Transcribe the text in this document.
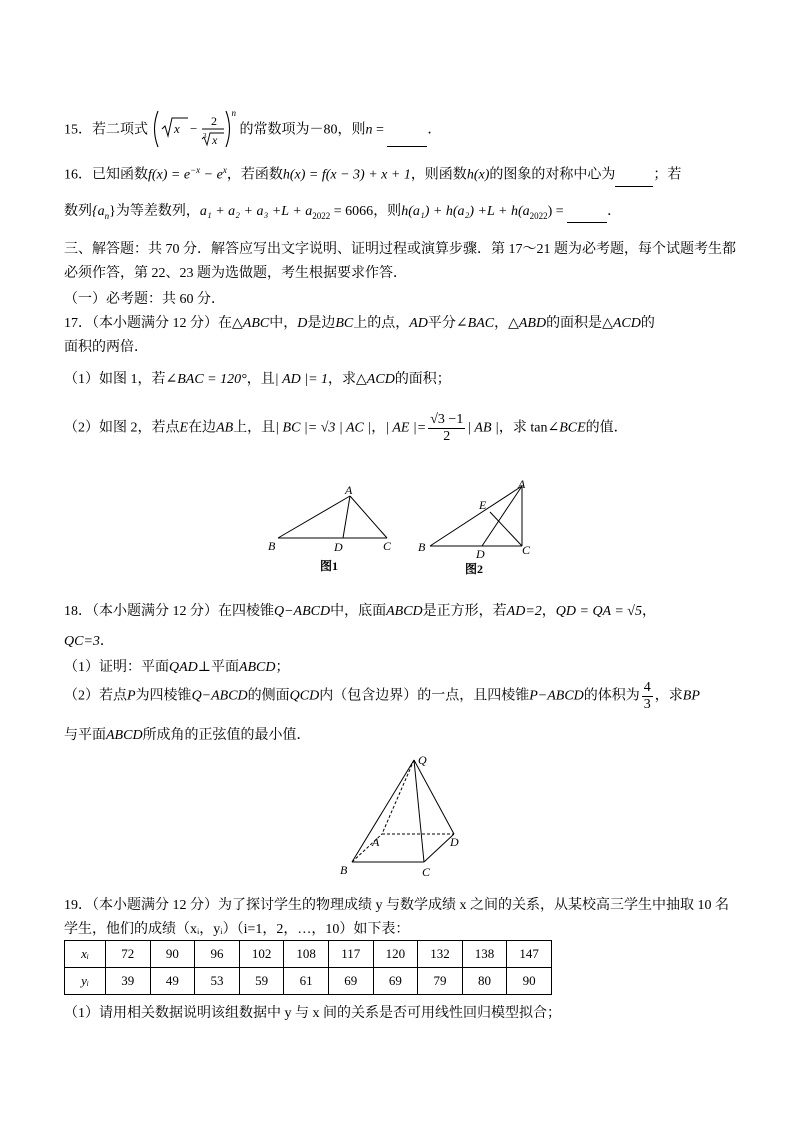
15．若二项式 x − 2
3 x
$^n$ 的常数项为－80，则n =	．
16．已知函数$f(x) = e^{-x} - e^x$，若函数h(x) = f(x − 3) + x + 1，则函数h(x)的图象的对称中心为	；若
数列$\{a_n\}$为等差数列，$a_1 + a_2 + a_3 +L + a_{2022} = 6066$，则$h(a_1) + h(a_2) +L + h(a_{2022})$ =	．
三、解答题：共 70 分．解答应写出文字说明、证明过程或演算步骤．第 17～21 题为必考题，每个试题考生都
必须作答，第 22、23 题为选做题，考生根据要求作答．
（一）必考题：共 60 分．
17．（本小题满分 12 分）在△ABC中，D是边BC上的点，AD平分∠BAC，△ABD的面积是△ACD的
面积的两倍．
（1）如图 1，若∠BAC = 120°，且| AD |= 1，求△ACD的面积；
（2）如图 2，若点E在边AB上，且| BC |= √3 | AC |，| AE |= $\frac{√3 -1}{2}$ | AB |，求 tan∠BCE的值．
A
B	C
D
图1
A
E
B	C
D
图2
18．（本小题满分 12 分）在四棱锥Q−ABCD中，底面ABCD是正方形，若AD=2，QD = QA = √5，
QC=3．
（1）证明：平面QAD⊥平面ABCD；
（2）若点P为四棱锥Q−ABCD的侧面QCD内（包含边界）的一点，且四棱锥P−ABCD的体积为 $\frac{4}{3}$ ，求BP
与平面ABCD所成角的正弦值的最小值．
Q
A
B	C
D
19．（本小题满分 12 分）为了探讨学生的物理成绩 y 与数学成绩 x 之间的关系，从某校高三学生中抽取 10 名
学生，他们的成绩（xᵢ，yᵢ）（i=1，2，…，10）如下表：
xᵢ	72	90	96	102	108	117	120	132	138	147
yᵢ	39	49	53	59	61	69	69	79	80	90
（1）请用相关数据说明该组数据中 y 与 x 间的关系是否可用线性回归模型拟合；
